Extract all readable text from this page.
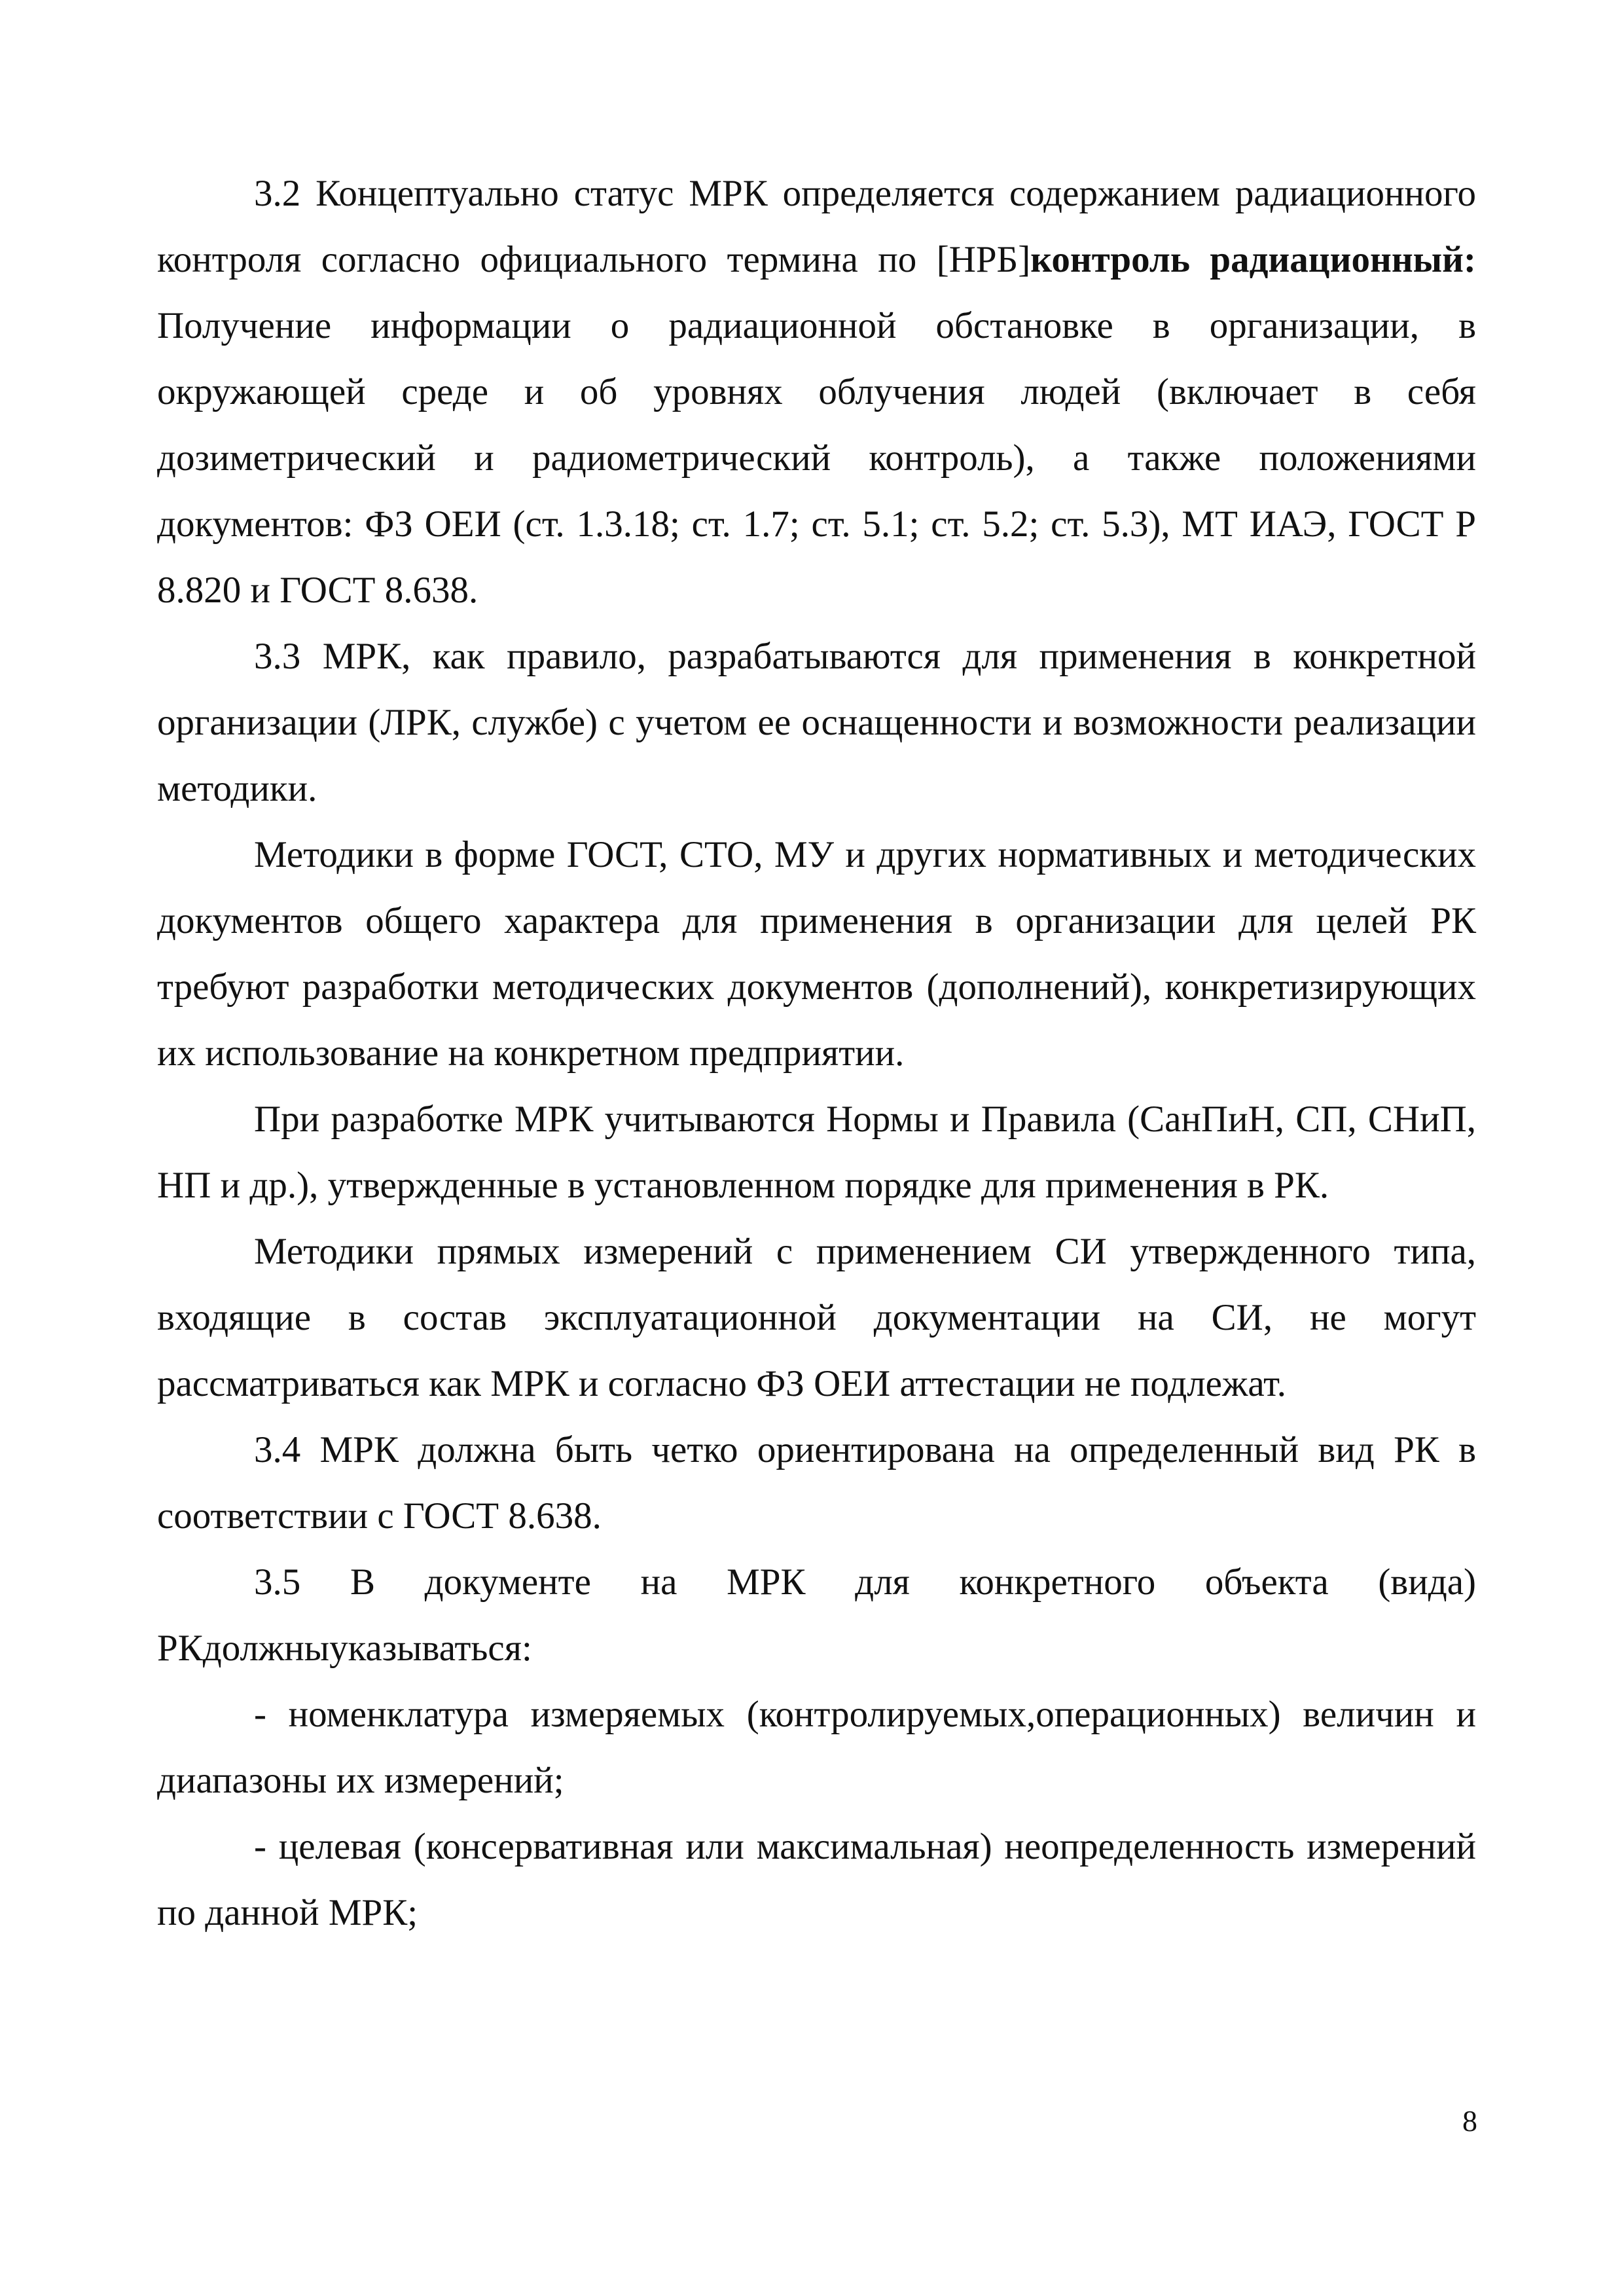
3.2 Концептуально статус МРК определяется содержанием радиационного контроля согласно официального термина по [НРБ]контроль радиационный: Получение информации о радиационной обстановке в организации, в окружающей среде и об уровнях облучения людей (включает в себя дозиметрический и радиометрический контроль), а также положениями документов: ФЗ ОЕИ (ст. 1.3.18; ст. 1.7; ст. 5.1; ст. 5.2; ст. 5.3), МТ ИАЭ, ГОСТ Р 8.820 и ГОСТ 8.638.

3.3 МРК, как правило, разрабатываются для применения в конкретной организации (ЛРК, службе) с учетом ее оснащенности и возможности реализации методики.

Методики в форме ГОСТ, СТО, МУ и других нормативных и методических документов общего характера для применения в организации для целей РК требуют разработки методических документов (дополнений), конкретизирующих их использование на конкретном предприятии.

При разработке МРК учитываются Нормы и Правила (СанПиН, СП, СНиП, НП и др.), утвержденные в установленном порядке для применения в РК.

Методики прямых измерений с применением СИ утвержденного типа, входящие в состав эксплуатационной документации на СИ, не могут рассматриваться как МРК и согласно ФЗ ОЕИ аттестации не подлежат.

3.4 МРК должна быть четко ориентирована на определенный вид РК в соответствии с ГОСТ 8.638.

3.5 В документе на МРК для конкретного объекта (вида) РКдолжныуказываться:

- номенклатура измеряемых (контролируемых,операционных) величин и диапазоны их измерений;

- целевая (консервативная или максимальная) неопределенность измерений по данной МРК;

8
